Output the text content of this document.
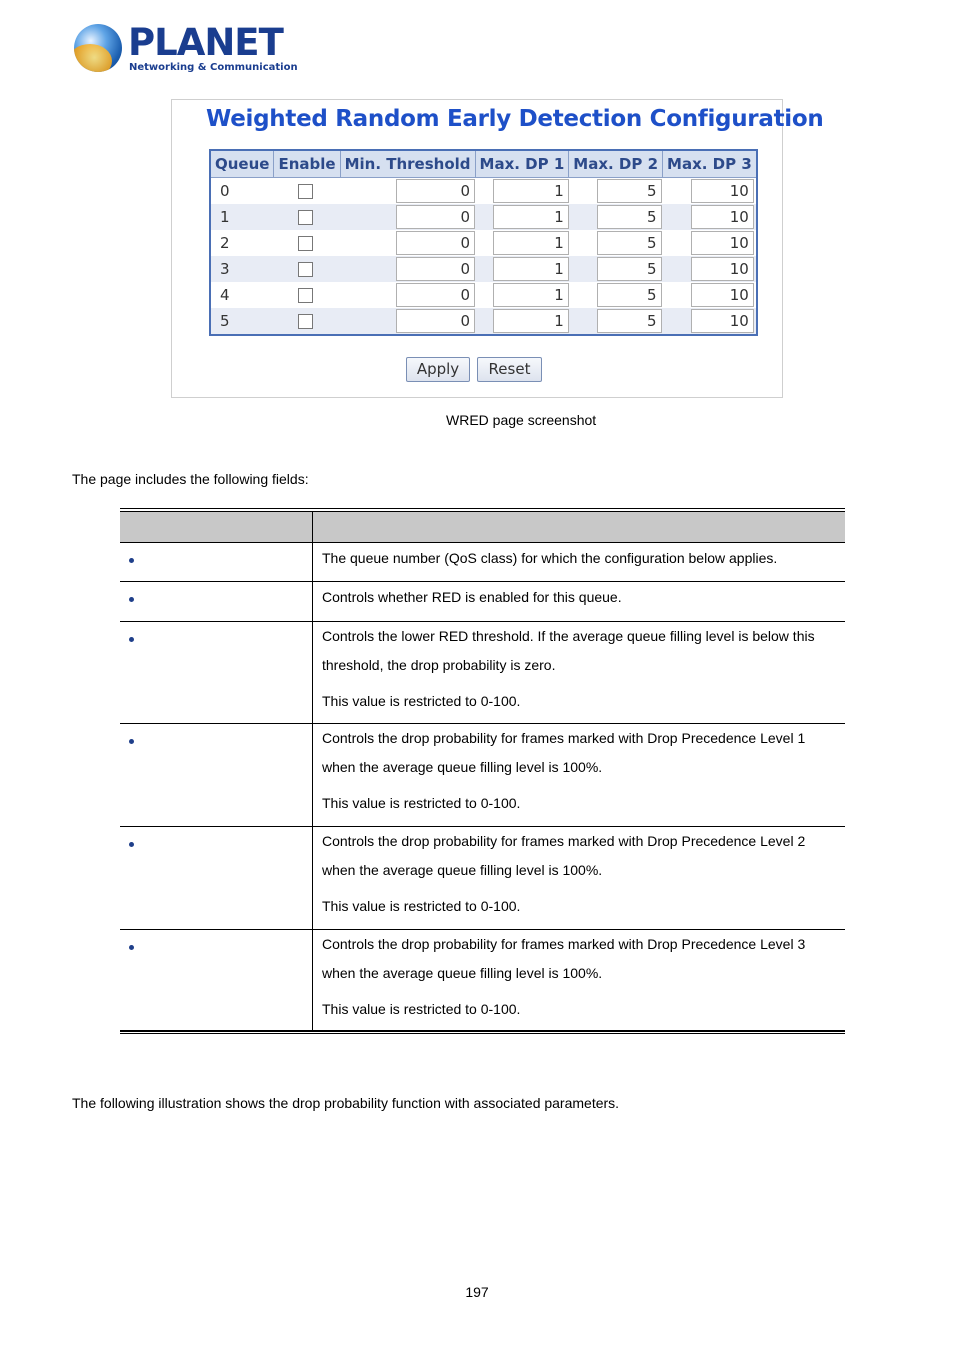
PLANET
Networking & Communication
Weighted Random Early Detection Configuration
Queue	Enable	Min. Threshold	Max. DP 1	Max. DP 2	Max. DP 3
0		0	1	5	10

1		0	1	5	10

2		0	1	5	10

3		0	1	5	10

4		0	1	5	10

5		0	1	5	10
Apply	Reset
WRED page screenshot
The page includes the following fields:
The queue number (QoS class) for which the configuration below applies.
Controls whether RED is enabled for this queue.
Controls the lower RED threshold. If the average queue filling level is below this
threshold, the drop probability is zero.
This value is restricted to 0-100.
Controls the drop probability for frames marked with Drop Precedence Level 1
when the average queue filling level is 100%.
This value is restricted to 0-100.
Controls the drop probability for frames marked with Drop Precedence Level 2
when the average queue filling level is 100%.
This value is restricted to 0-100.
Controls the drop probability for frames marked with Drop Precedence Level 3
when the average queue filling level is 100%.
This value is restricted to 0-100.
The following illustration shows the drop probability function with associated parameters.
197
